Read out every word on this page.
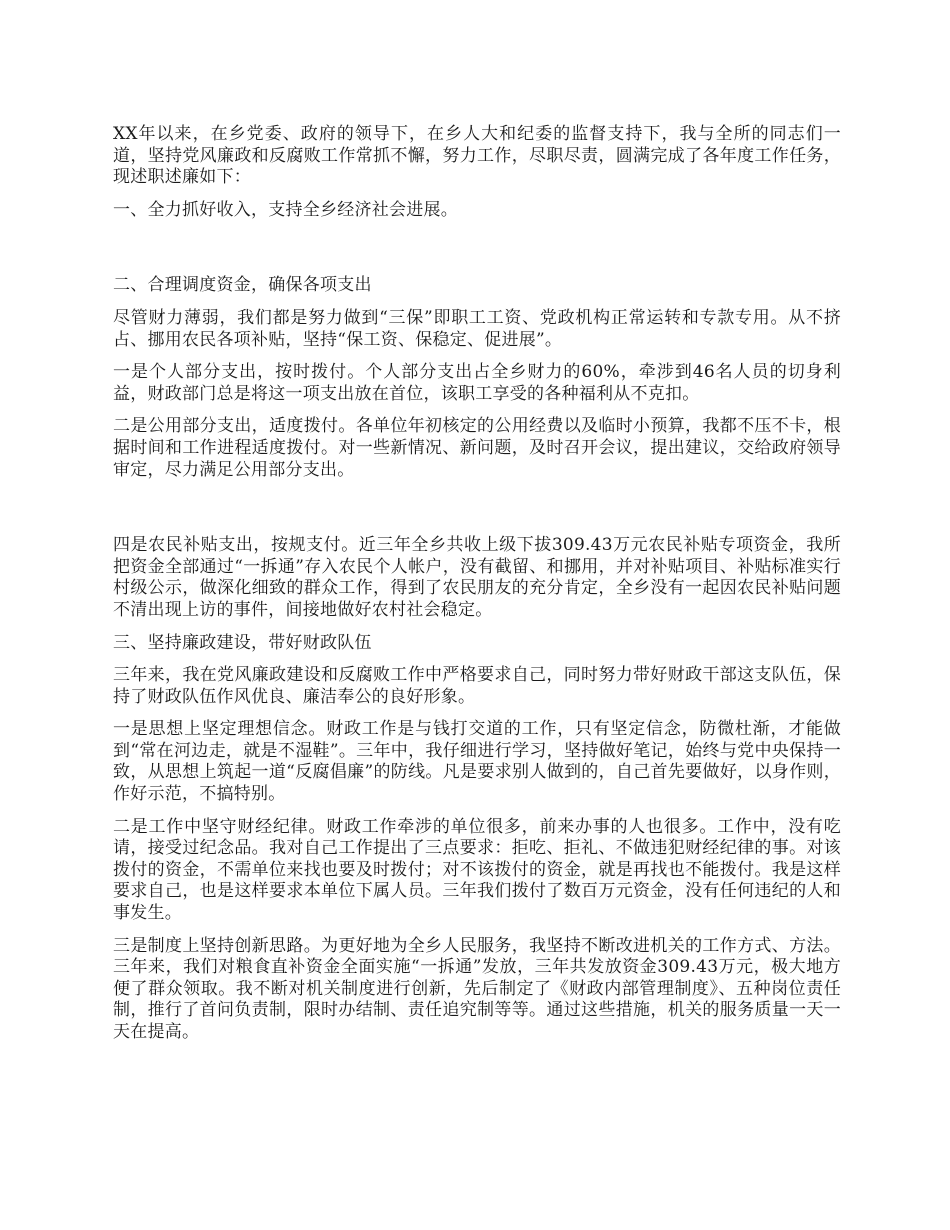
XX年以来，在乡党委、政府的领导下，在乡人大和纪委的监督支持下，我与全所的同志们一道，坚持党风廉政和反腐败工作常抓不懈，努力工作，尽职尽责，圆满完成了各年度工作任务，现述职述廉如下：

一、全力抓好收入，支持全乡经济社会进展。

二、合理调度资金，确保各项支出

尽管财力薄弱，我们都是努力做到“三保”即职工工资、党政机构正常运转和专款专用。从不挤占、挪用农民各项补贴，坚持“保工资、保稳定、促进展”。

一是个人部分支出，按时拨付。个人部分支出占全乡财力的60%，牵涉到46名人员的切身利益，财政部门总是将这一项支出放在首位，该职工享受的各种福利从不克扣。

二是公用部分支出，适度拨付。各单位年初核定的公用经费以及临时小预算，我都不压不卡，根据时间和工作进程适度拨付。对一些新情况、新问题，及时召开会议，提出建议，交给政府领导审定，尽力满足公用部分支出。

四是农民补贴支出，按规支付。近三年全乡共收上级下拔309.43万元农民补贴专项资金，我所把资金全部通过“一拆通”存入农民个人帐户，没有截留、和挪用，并对补贴项目、补贴标准实行村级公示，做深化细致的群众工作，得到了农民朋友的充分肯定，全乡没有一起因农民补贴问题不清出现上访的事件，间接地做好农村社会稳定。

三、坚持廉政建设，带好财政队伍

三年来，我在党风廉政建设和反腐败工作中严格要求自己，同时努力带好财政干部这支队伍，保持了财政队伍作风优良、廉洁奉公的良好形象。

一是思想上坚定理想信念。财政工作是与钱打交道的工作，只有坚定信念，防微杜渐，才能做到“常在河边走，就是不湿鞋”。三年中，我仔细进行学习，坚持做好笔记，始终与党中央保持一致，从思想上筑起一道“反腐倡廉”的防线。凡是要求别人做到的，自己首先要做好，以身作则，作好示范，不搞特别。

二是工作中坚守财经纪律。财政工作牵涉的单位很多，前来办事的人也很多。工作中，没有吃请，接受过纪念品。我对自己工作提出了三点要求：拒吃、拒礼、不做违犯财经纪律的事。对该拨付的资金，不需单位来找也要及时拨付；对不该拨付的资金，就是再找也不能拨付。我是这样要求自己，也是这样要求本单位下属人员。三年我们拨付了数百万元资金，没有任何违纪的人和事发生。

三是制度上坚持创新思路。为更好地为全乡人民服务，我坚持不断改进机关的工作方式、方法。三年来，我们对粮食直补资金全面实施“一拆通”发放，三年共发放资金309.43万元，极大地方便了群众领取。我不断对机关制度进行创新，先后制定了《财政内部管理制度》、五种岗位责任制，推行了首问负责制，限时办结制、责任追究制等等。通过这些措施，机关的服务质量一天一天在提高。
